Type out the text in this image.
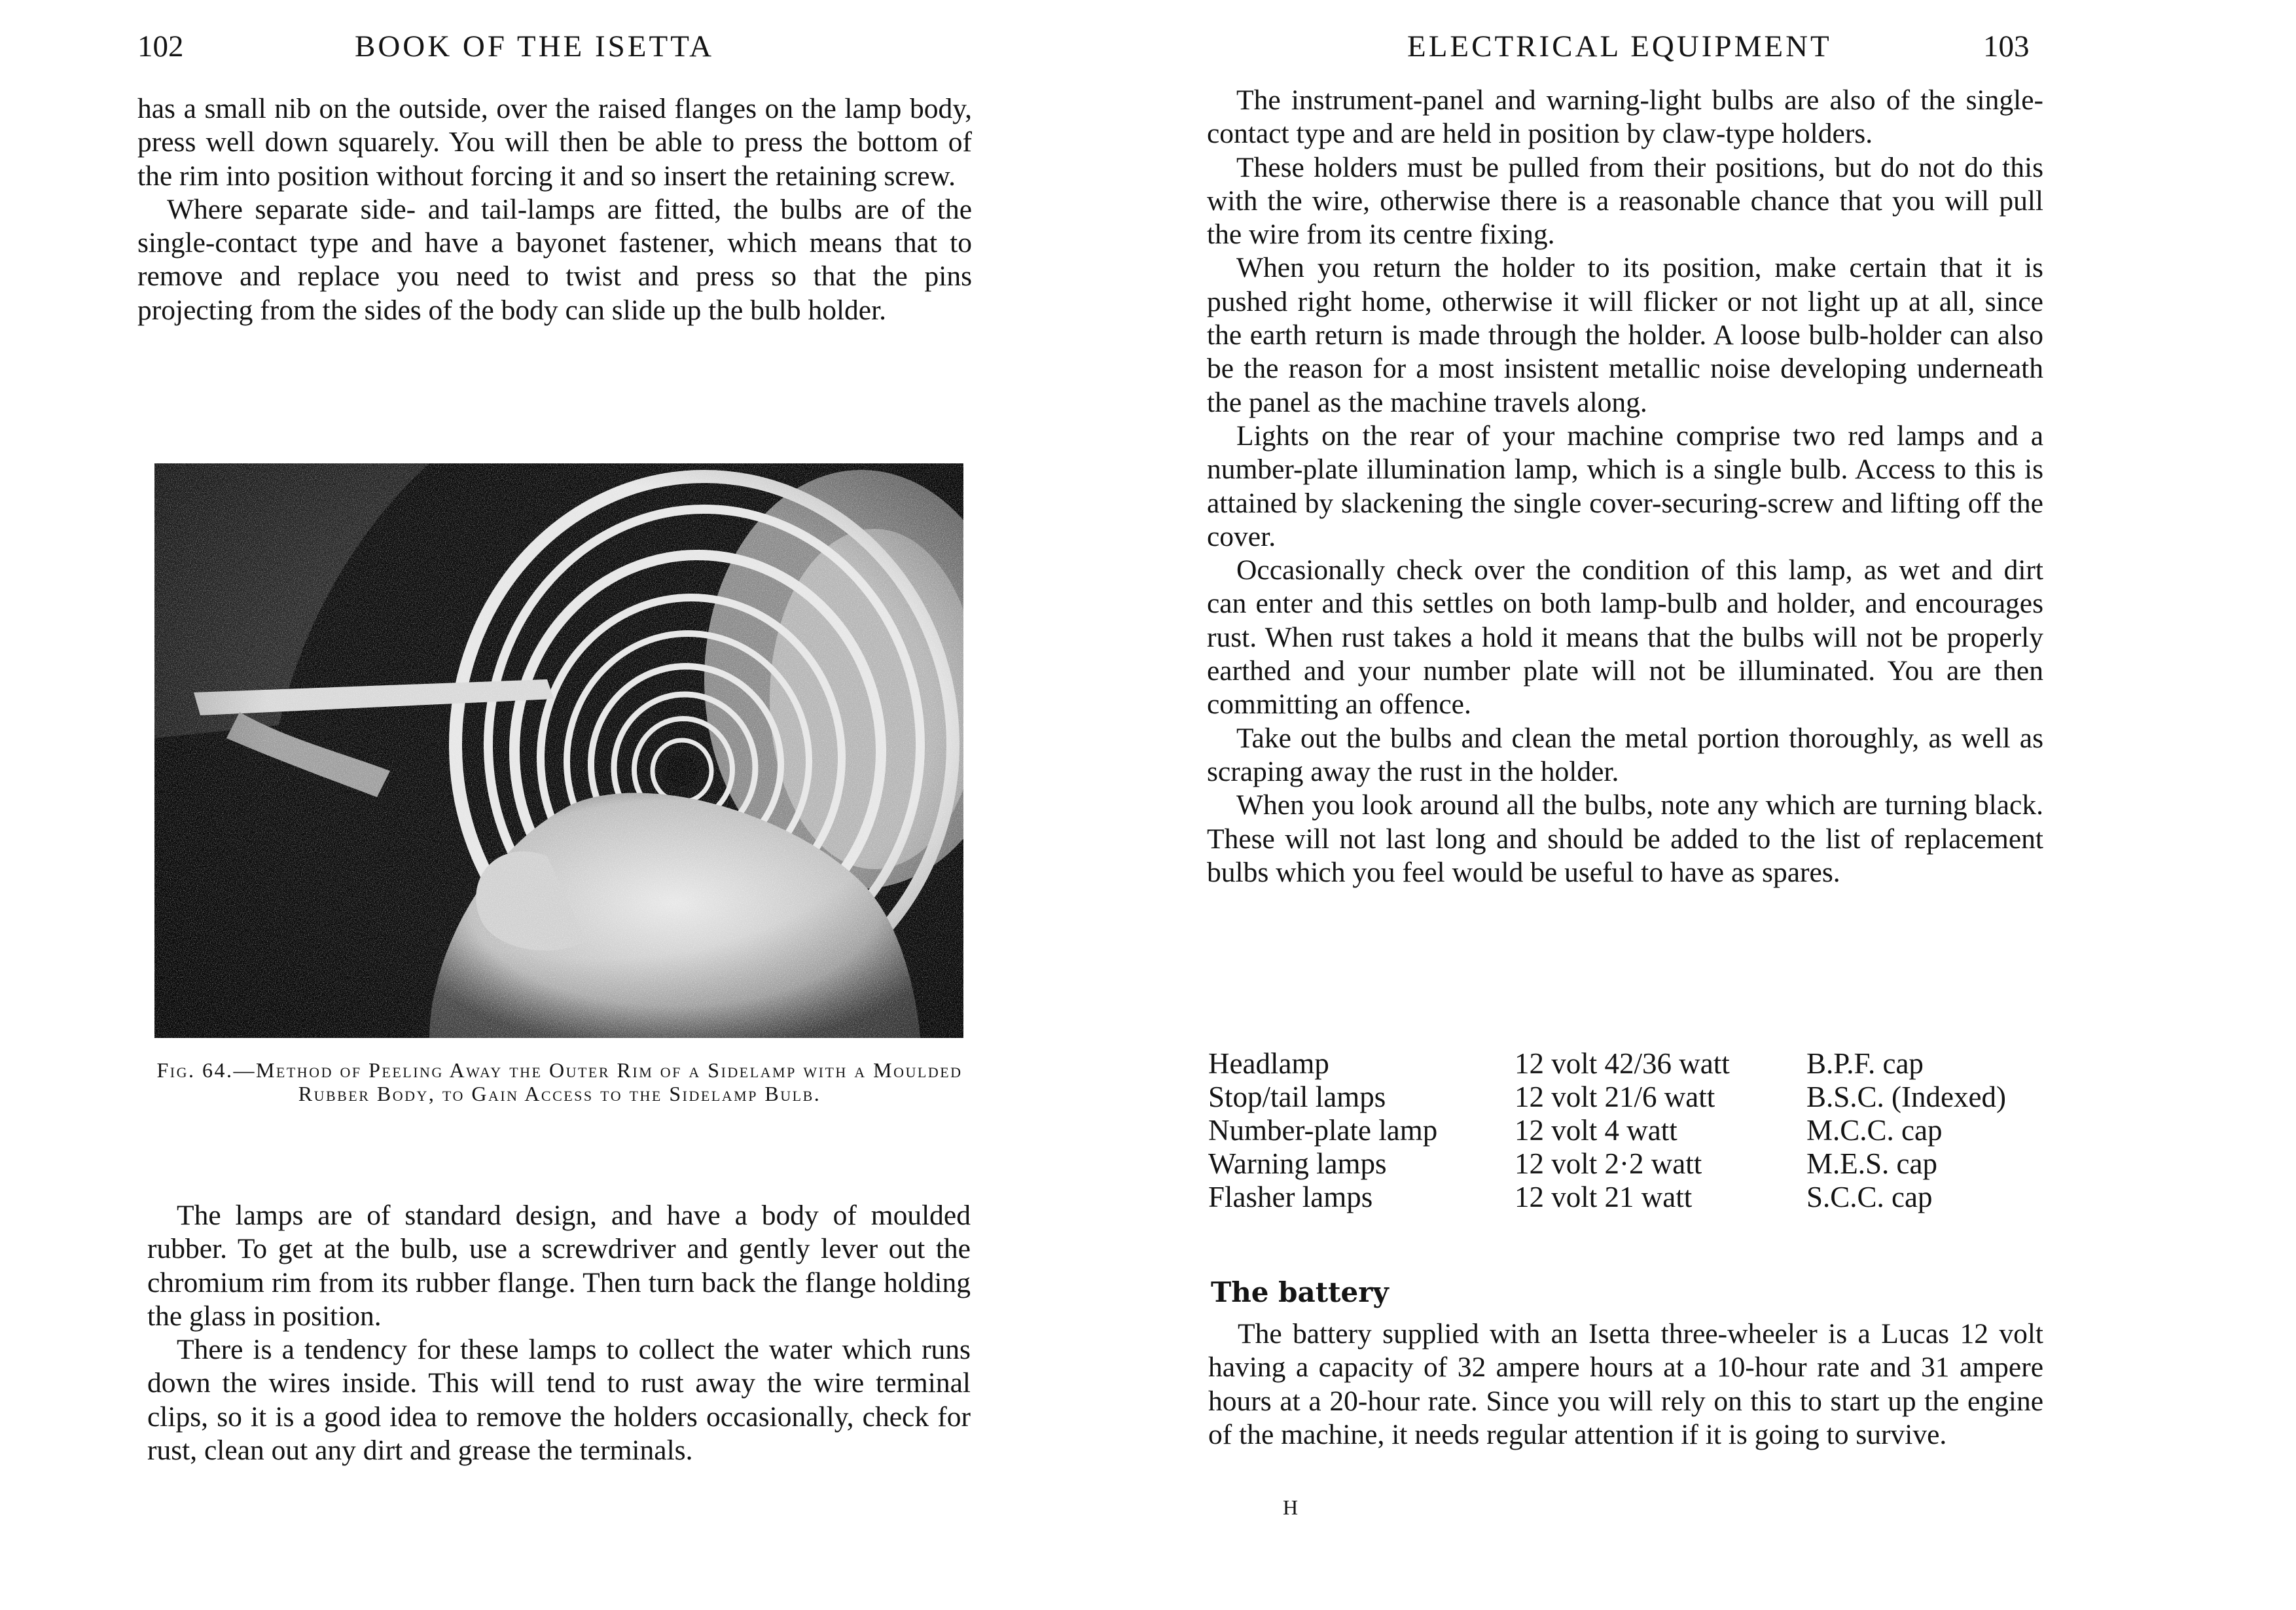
102	BOOK OF THE ISETTA

has a small nib on the outside, over the raised flanges on the lamp body, press well down squarely. You will then be able to press the bottom of the rim into position without forcing it and so insert the retaining screw.

Where separate side- and tail-lamps are fitted, the bulbs are of the single-contact type and have a bayonet fastener, which means that to remove and replace you need to twist and press so that the pins projecting from the sides of the body can slide up the bulb holder.

Fig. 64.—Method of Peeling Away the Outer Rim of a Sidelamp with a Moulded Rubber Body, to Gain Access to the Sidelamp Bulb.

The lamps are of standard design, and have a body of moulded rubber. To get at the bulb, use a screwdriver and gently lever out the chromium rim from its rubber flange. Then turn back the flange holding the glass in position.

There is a tendency for these lamps to collect the water which runs down the wires inside. This will tend to rust away the wire terminal clips, so it is a good idea to remove the holders occasionally, check for rust, clean out any dirt and grease the terminals.

ELECTRICAL EQUIPMENT	103

The instrument-panel and warning-light bulbs are also of the single-contact type and are held in position by claw-type holders.

These holders must be pulled from their positions, but do not do this with the wire, otherwise there is a reasonable chance that you will pull the wire from its centre fixing.

When you return the holder to its position, make certain that it is pushed right home, otherwise it will flicker or not light up at all, since the earth return is made through the holder. A loose bulb-holder can also be the reason for a most insistent metallic noise developing underneath the panel as the machine travels along.

Lights on the rear of your machine comprise two red lamps and a number-plate illumination lamp, which is a single bulb. Access to this is attained by slackening the single cover-securing-screw and lifting off the cover.

Occasionally check over the condition of this lamp, as wet and dirt can enter and this settles on both lamp-bulb and holder, and encourages rust. When rust takes a hold it means that the bulbs will not be properly earthed and your number plate will not be illuminated. You are then committing an offence.

Take out the bulbs and clean the metal portion thoroughly, as well as scraping away the rust in the holder.

When you look around all the bulbs, note any which are turning black. These will not last long and should be added to the list of replacement bulbs which you feel would be useful to have as spares.

Headlamp	12 volt 42/36 watt	B.P.F. cap
Stop/tail lamps	12 volt 21/6 watt	B.S.C. (Indexed)
Number-plate lamp	12 volt 4 watt	M.C.C. cap
Warning lamps	12 volt 2·2 watt	M.E.S. cap
Flasher lamps	12 volt 21 watt	S.C.C. cap
The battery

The battery supplied with an Isetta three-wheeler is a Lucas 12 volt having a capacity of 32 ampere hours at a 10-hour rate and 31 ampere hours at a 20-hour rate. Since you will rely on this to start up the engine of the machine, it needs regular attention if it is going to survive.

H
